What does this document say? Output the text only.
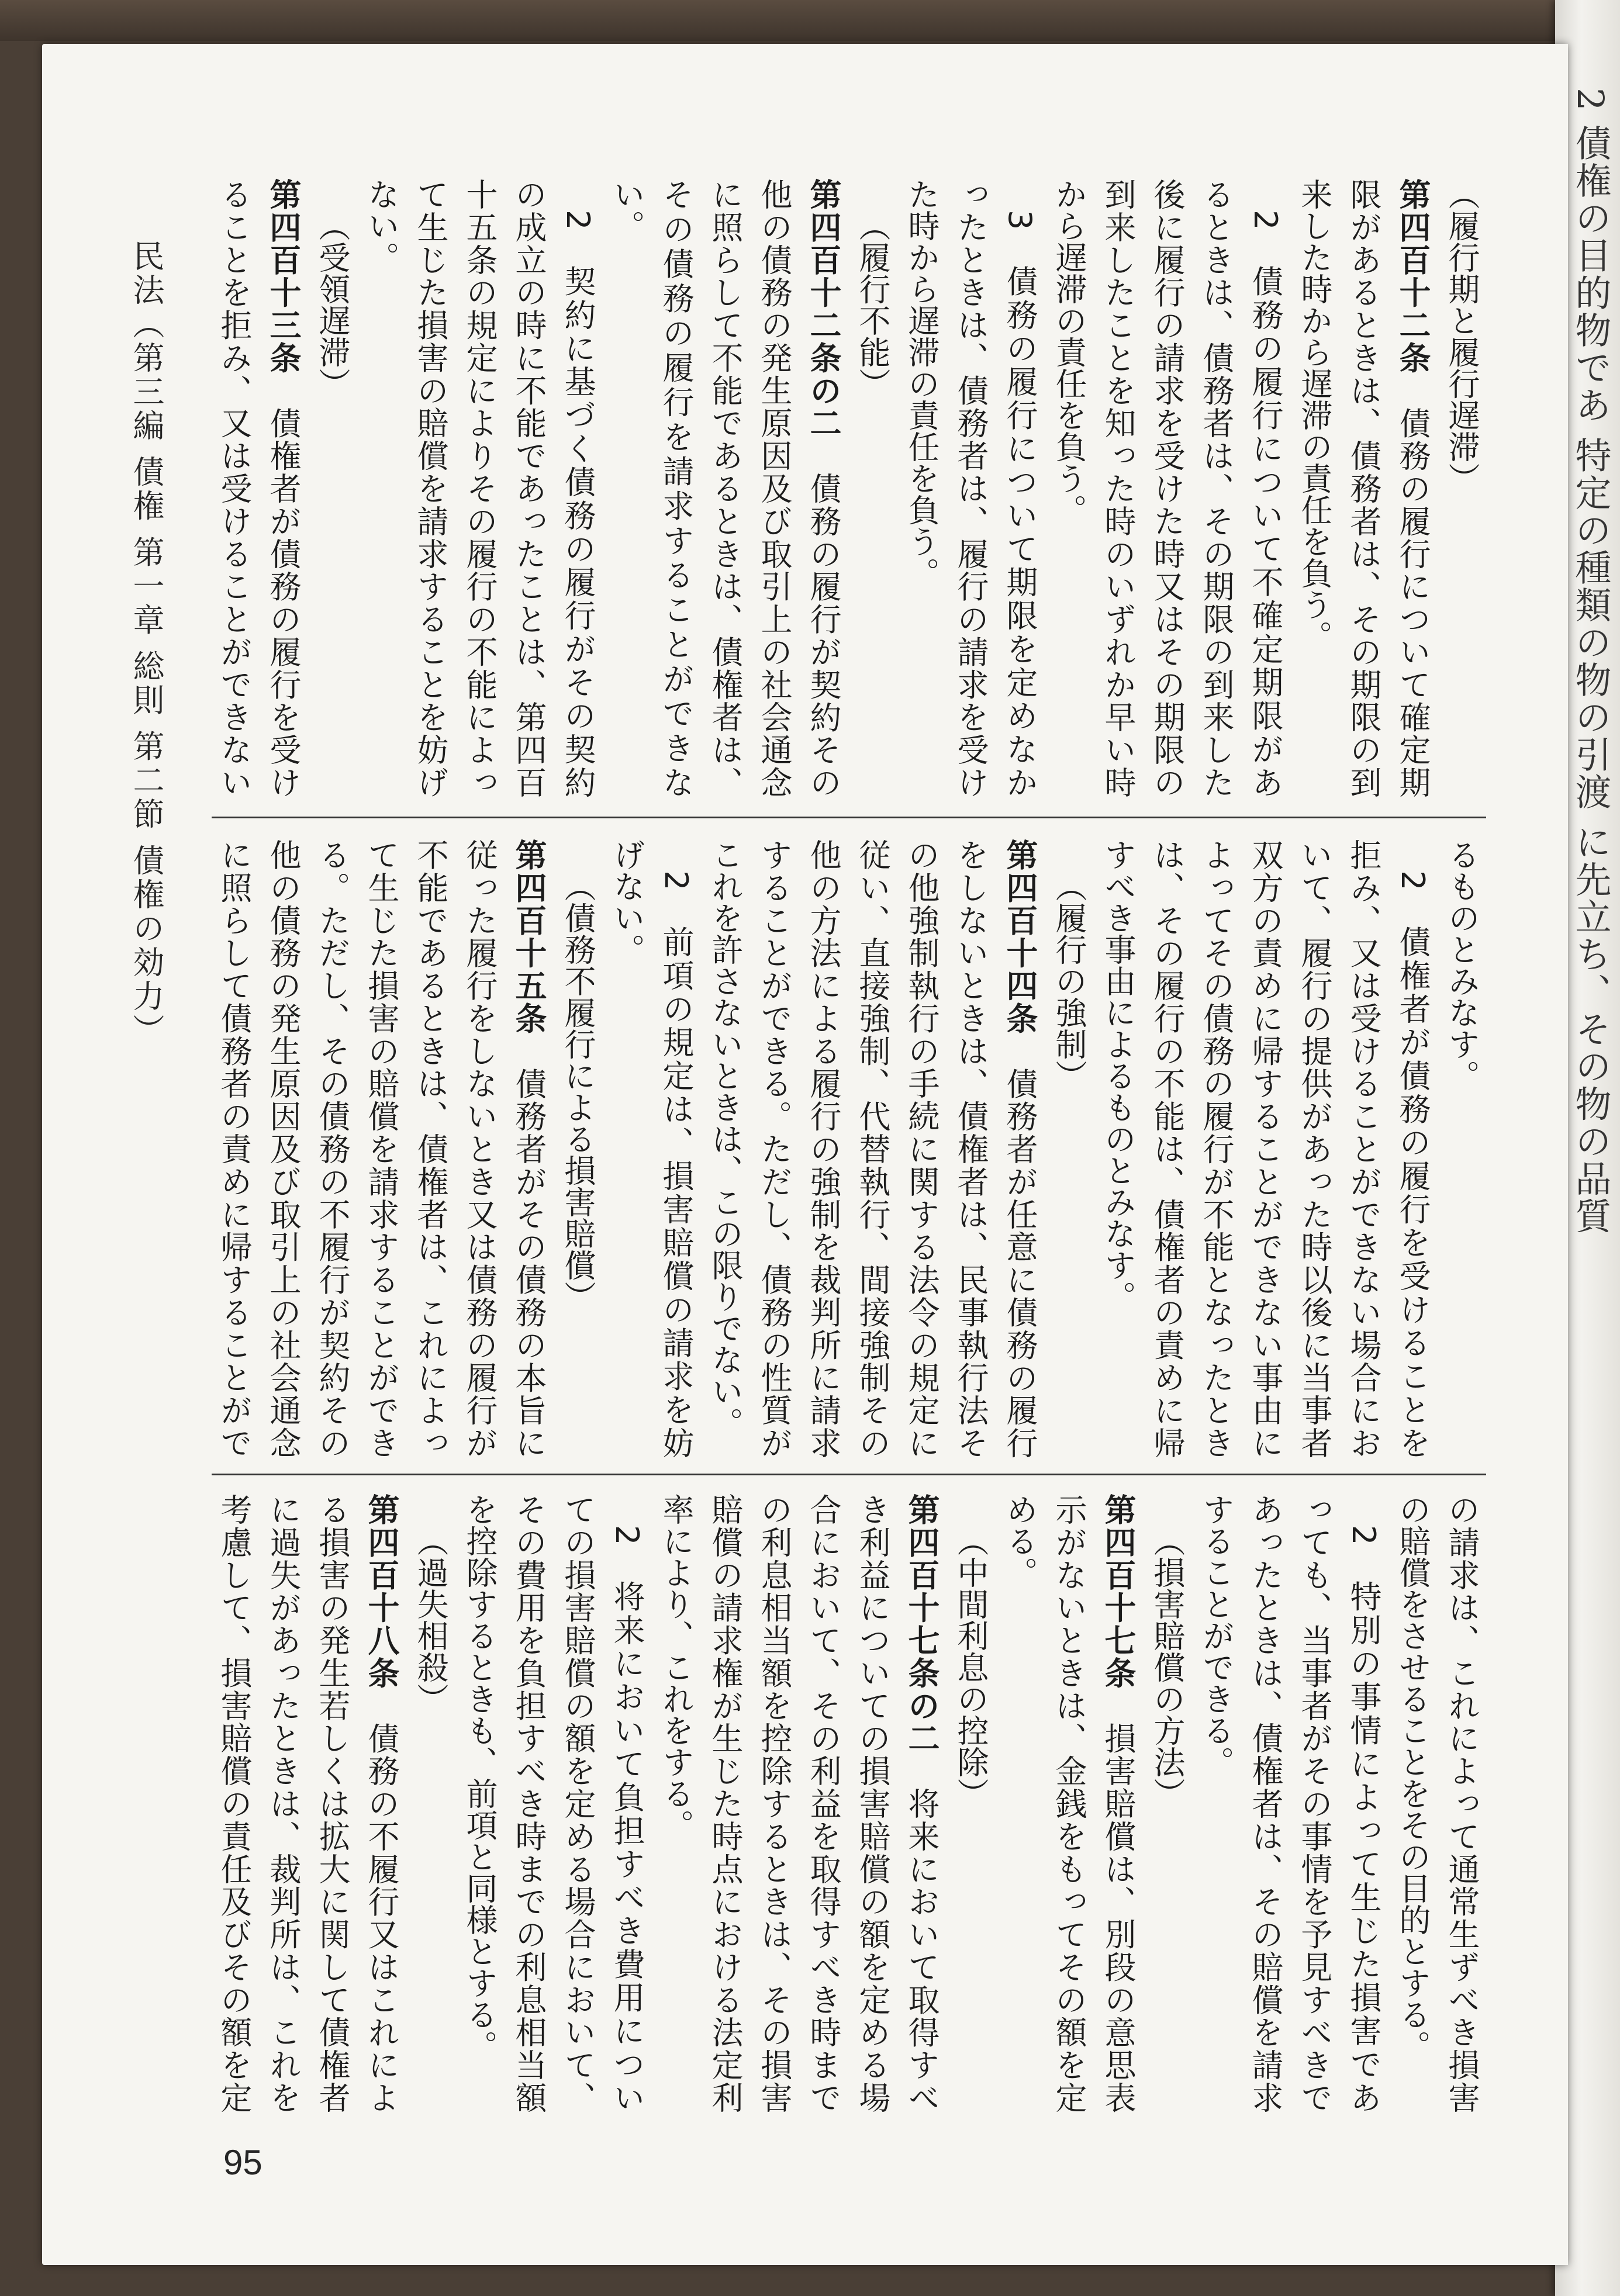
2 債権の目的物であ 特定の種類の物の引渡 に先立ち、その物の品質
民法（第三編 債権 第一章 総則 第二節 債権の効力）	（履行期と履行遅滞）

第四百十二条　債務の履行について確定期限があるときは、債務者は、その期限の到来した時から遅滞の責任を負う。

2　債務の履行について不確定期限があるときは、債務者は、その期限の到来した後に履行の請求を受けた時又はその期限の到来したことを知った時のいずれか早い時から遅滞の責任を負う。

3　債務の履行について期限を定めなかったときは、債務者は、履行の請求を受けた時から遅滞の責任を負う。

（履行不能）

第四百十二条の二　債務の履行が契約その他の債務の発生原因及び取引上の社会通念に照らして不能であるときは、債権者は、その債務の履行を請求することができない。

2　契約に基づく債務の履行がその契約の成立の時に不能であったことは、第四百十五条の規定によりその履行の不能によって生じた損害の賠償を請求することを妨げない。

（受領遅滞）

第四百十三条　債権者が債務の履行を受けることを拒み、又は受けることができない

るものとみなす。

2　債権者が債務の履行を受けることを拒み、又は受けることができない場合において、履行の提供があった時以後に当事者双方の責めに帰することができない事由によってその債務の履行が不能となったときは、その履行の不能は、債権者の責めに帰すべき事由によるものとみなす。

（履行の強制）

第四百十四条　債務者が任意に債務の履行をしないときは、債権者は、民事執行法その他強制執行の手続に関する法令の規定に従い、直接強制、代替執行、間接強制その他の方法による履行の強制を裁判所に請求することができる。ただし、債務の性質がこれを許さないときは、この限りでない。

2　前項の規定は、損害賠償の請求を妨げない。

（債務不履行による損害賠償）

第四百十五条　債務者がその債務の本旨に従った履行をしないとき又は債務の履行が不能であるときは、債権者は、これによって生じた損害の賠償を請求することができる。ただし、その債務の不履行が契約その他の債務の発生原因及び取引上の社会通念に照らして債務者の責めに帰することがで

の請求は、これによって通常生ずべき損害の賠償をさせることをその目的とする。

2　特別の事情によって生じた損害であっても、当事者がその事情を予見すべきであったときは、債権者は、その賠償を請求することができる。

（損害賠償の方法）

第四百十七条　損害賠償は、別段の意思表示がないときは、金銭をもってその額を定める。

（中間利息の控除）

第四百十七条の二　将来において取得すべき利益についての損害賠償の額を定める場合において、その利益を取得すべき時までの利息相当額を控除するときは、その損害賠償の請求権が生じた時点における法定利率により、これをする。

2　将来において負担すべき費用についての損害賠償の額を定める場合において、その費用を負担すべき時までの利息相当額を控除するときも、前項と同様とする。

（過失相殺）

第四百十八条　債務の不履行又はこれによる損害の発生若しくは拡大に関して債権者に過失があったときは、裁判所は、これを考慮して、損害賠償の責任及びその額を定

95
